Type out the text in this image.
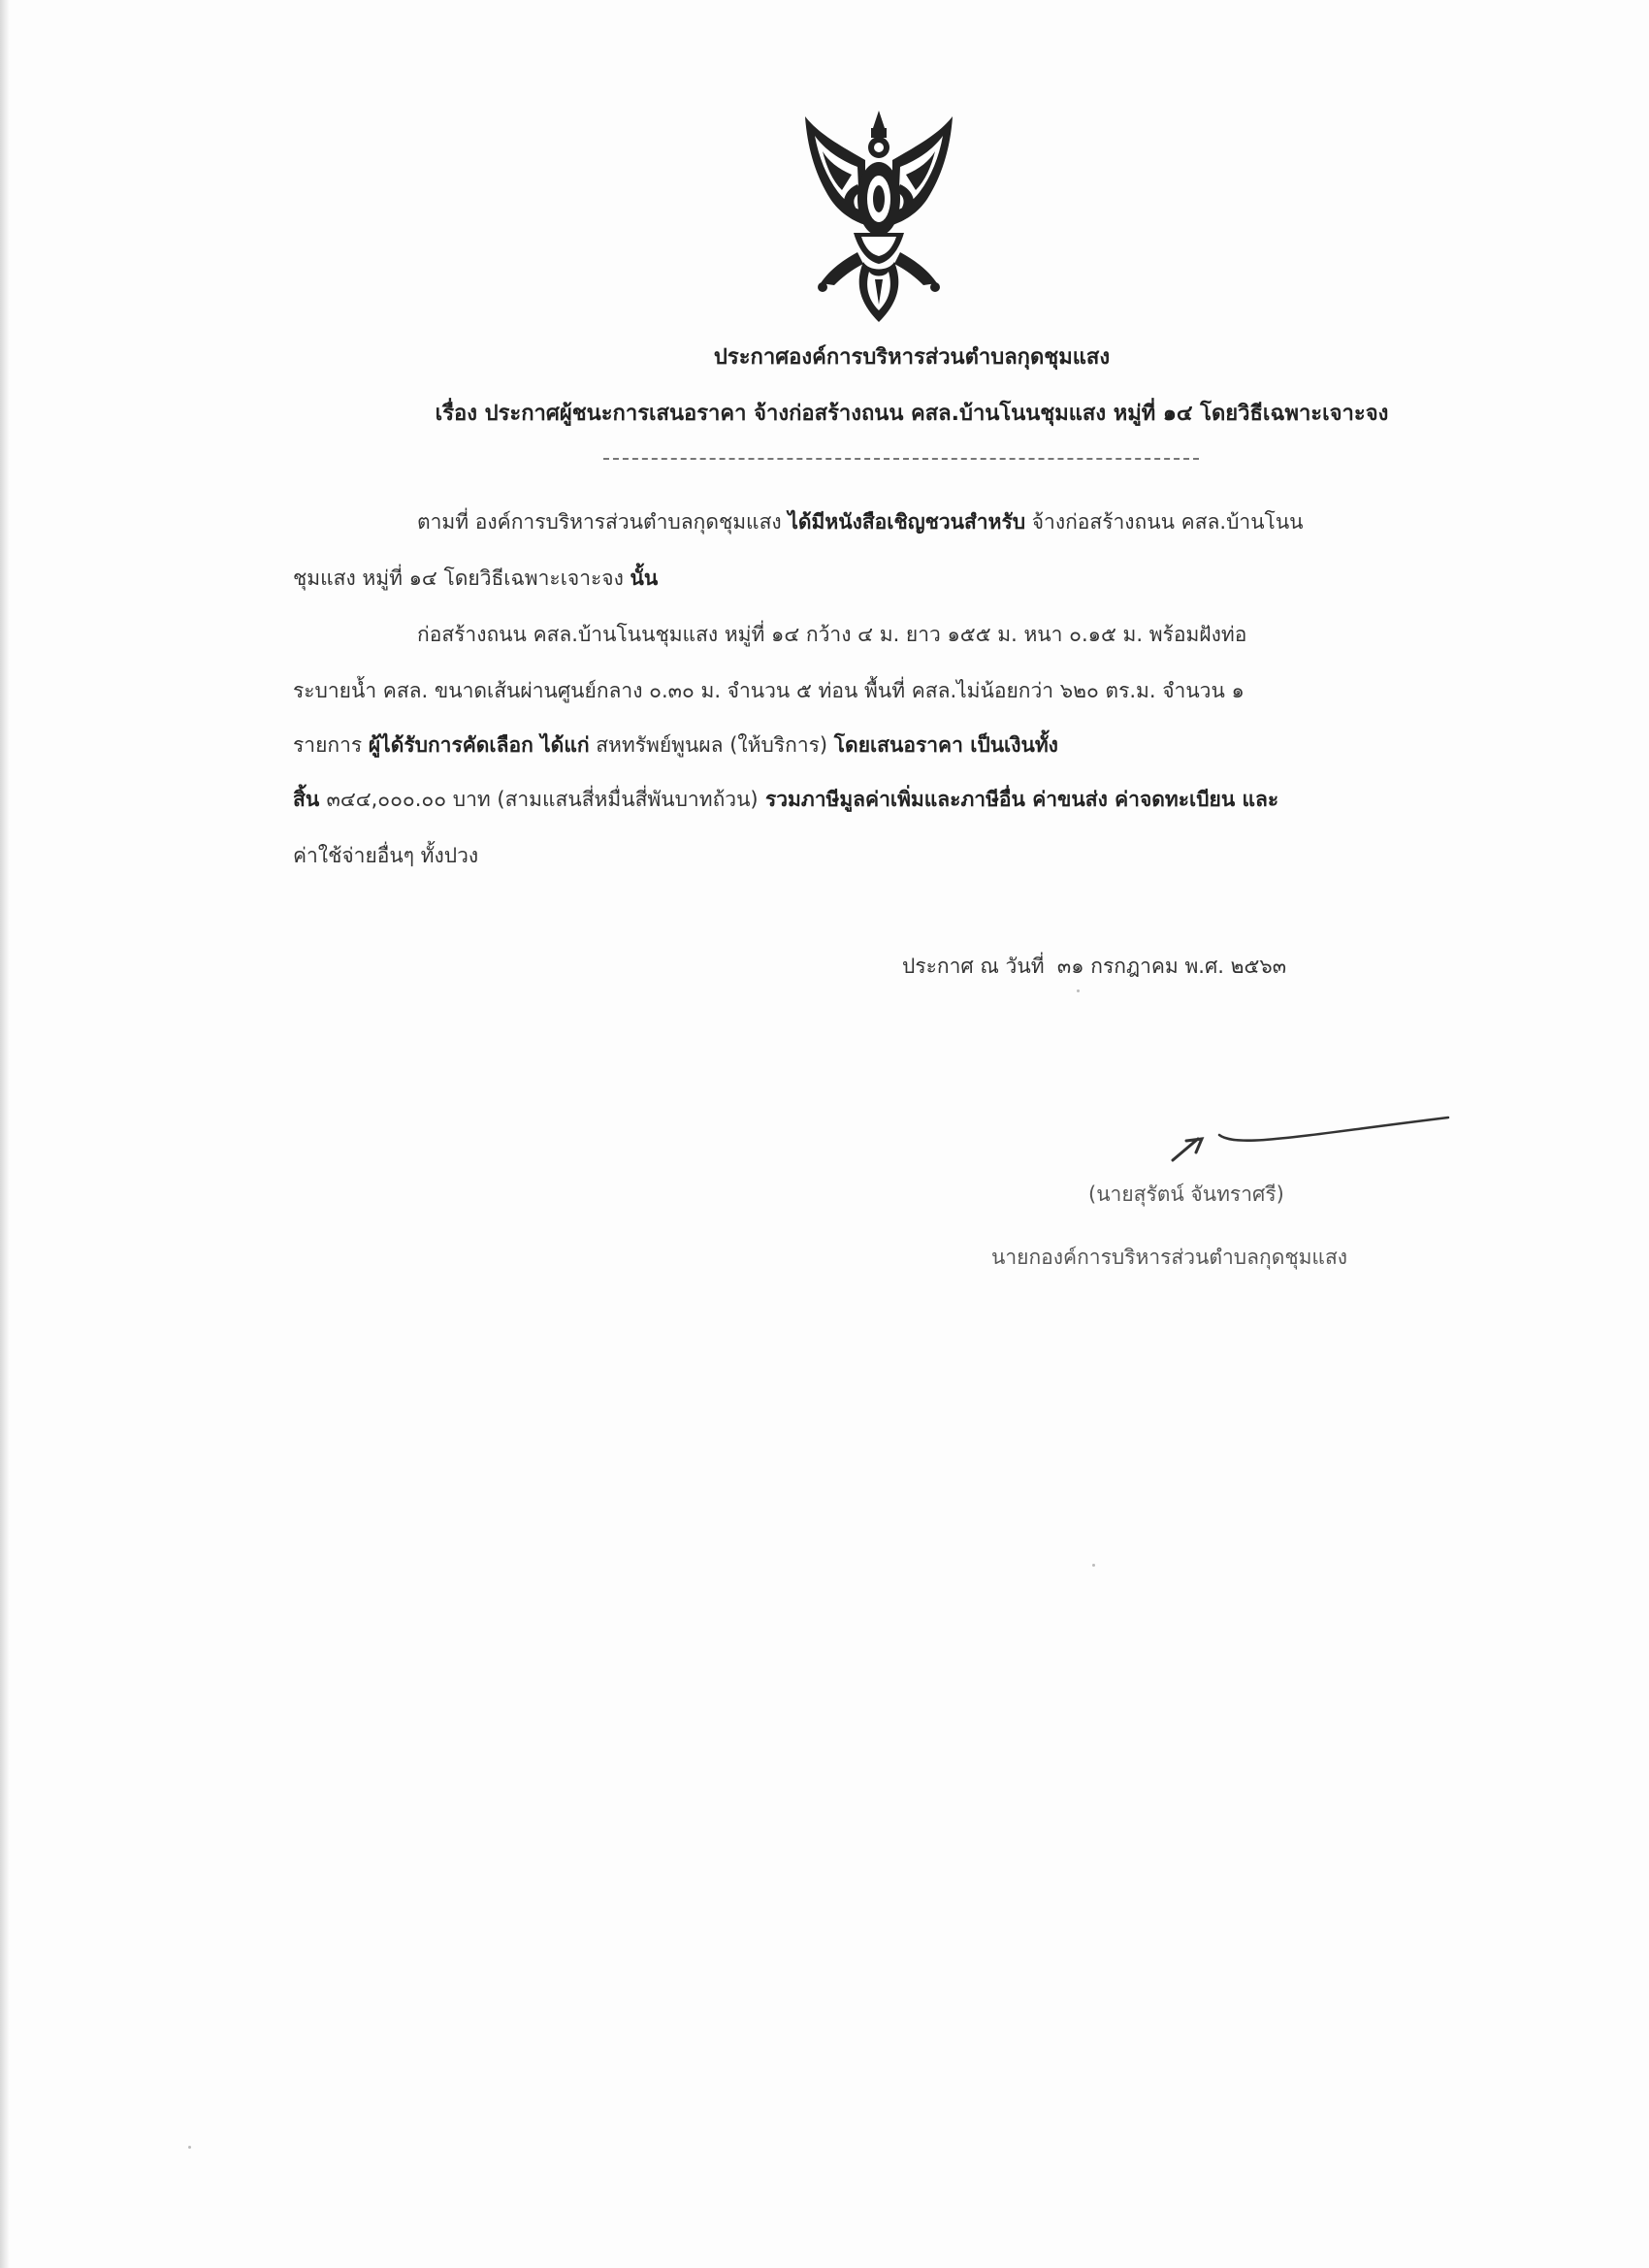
ประกาศองค์การบริหารส่วนตำบลกุดชุมแสง
เรื่อง ประกาศผู้ชนะการเสนอราคา จ้างก่อสร้างถนน คสล.บ้านโนนชุมแสง หมู่ที่ ๑๔ โดยวิธีเฉพาะเจาะจง
ตามที่ องค์การบริหารส่วนตำบลกุดชุมแสง ได้มีหนังสือเชิญชวนสำหรับ จ้างก่อสร้างถนน คสล.บ้านโนน
ชุมแสง หมู่ที่ ๑๔ โดยวิธีเฉพาะเจาะจง นั้น
ก่อสร้างถนน คสล.บ้านโนนชุมแสง หมู่ที่ ๑๔ กว้าง ๔ ม. ยาว ๑๕๕ ม. หนา ๐.๑๕ ม. พร้อมฝังท่อ
ระบายน้ำ คสล. ขนาดเส้นผ่านศูนย์กลาง ๐.๓๐ ม. จำนวน ๕ ท่อน พื้นที่ คสล.ไม่น้อยกว่า ๖๒๐ ตร.ม. จำนวน ๑
รายการ ผู้ได้รับการคัดเลือก ได้แก่ สหทรัพย์พูนผล (ให้บริการ) โดยเสนอราคา เป็นเงินทั้ง
สิ้น ๓๔๔,๐๐๐.๐๐ บาท (สามแสนสี่หมื่นสี่พันบาทถ้วน) รวมภาษีมูลค่าเพิ่มและภาษีอื่น ค่าขนส่ง ค่าจดทะเบียน และ
ค่าใช้จ่ายอื่นๆ ทั้งปวง
ประกาศ ณ วันที่ ๓๑ กรกฎาคม พ.ศ. ๒๕๖๓
(นายสุรัตน์ จันทราศรี)
นายกองค์การบริหารส่วนตำบลกุดชุมแสง
